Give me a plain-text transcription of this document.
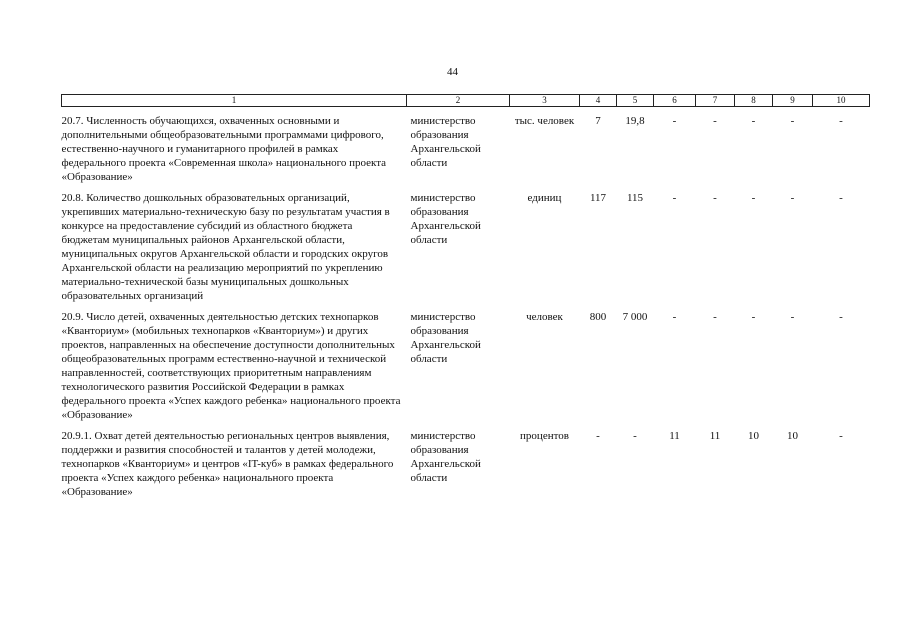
44
1	2	3	4	5	6	7	8	9	10
20.7. Численность обучающихся, охваченных основными и дополнительными общеобразовательными программами цифрового, естественно-научного и гуманитарного профилей в рамках федерального проекта «Современная школа» национального проекта «Образование»	министерство образования Архангельской области	тыс. человек	7	19,8	-	-	-	-	-
20.8. Количество дошкольных образовательных организаций, укрепивших материально-техническую базу по результатам участия в конкурсе на предоставление субсидий из областного бюджета бюджетам муниципальных районов Архангельской области, муниципальных округов Архангельской области и городских округов Архангельской области на реализацию мероприятий по укреплению материально-технической базы муниципальных дошкольных образовательных организаций	министерство образования Архангельской области	единиц	117	115	-	-	-	-	-
20.9. Число детей, охваченных деятельностью детских технопарков «Кванториум» (мобильных технопарков «Кванториум») и других проектов, направленных на обеспечение доступности дополнительных общеобразовательных программ естественно-научной и технической направленностей, соответствующих приоритетным направлениям технологического развития Российской Федерации в рамках федерального проекта «Успех каждого ребенка» национального проекта «Образование»	министерство образования Архангельской области	человек	800	7 000	-	-	-	-	-
20.9.1. Охват детей деятельностью региональных центров выявления, поддержки и развития способностей и талантов у детей молодежи, технопарков «Кванториум» и центров «IT-куб» в рамках федерального проекта «Успех каждого ребенка» национального проекта «Образование»	министерство образования Архангельской области	процентов	-	-	11	11	10	10	-
